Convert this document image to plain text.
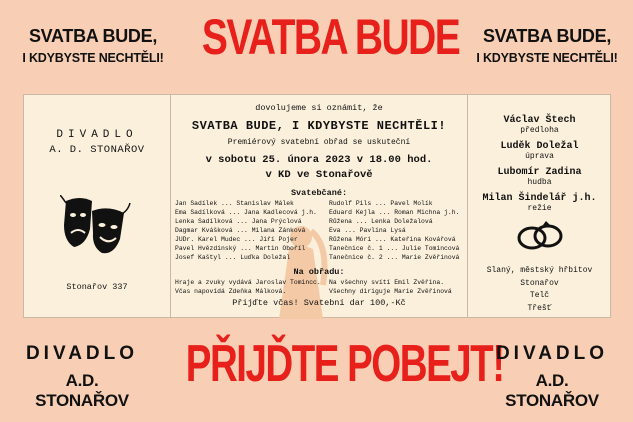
SVATBA BUDE,
I KDYBYSTE NECHTĚLI! SVATBA BUDE	SVATBA BUDE,
I KDYBYSTE NECHTĚLI!
DIVADLO
A. D. STONAŘOV
Stonařov 337
dovolujeme si oznámit, že
SVATBA BUDE, I KDYBYSTE NECHTĚLI!
Premiérový svatební obřad se uskuteční
v sobotu 25. února 2023 v 18.00 hod.
v KD ve Stonařově
Svatebčané:
Jan Sadílek ... Stanislav Málek
Ema Sadílková ... Jana Kadlecová j.h.
Lenka Sadílková ... Jana Prýclová
Dagmar Kvášková ... Milana Zánková
JUDr. Karel Mudec ... Jiří Pojer
Pavel Hvězdínský ... Martin Oboříl
Josef Kaštyl ... Luďka Doležal
Rudolf Pils ... Pavel Molík
Eduard Kejla ... Roman Michna j.h.
Růžena ... Lenka Doležalová
Eva ... Pavlína Lysá
Růžena Móri ... Kateřina Kovářová
Tanečnice č. 1 ... Julie Tomincová
Tanečnice č. 2 ... Marie Zvěřinová
Na obřadu:
Hraje a zvuky vydává Jaroslav Tomincc.
Včas napovídá Zdeňka Málková.
Na všechny svítí Emil Zvěřina.
Všechny diriguje Marie Zvěřinová
Přijďte včas! Svatební dar 100,-Kč
Václav Štech
předloha
Luděk Doležal
úprava
Lubomír Zadina
hudba
Milan Šindelář j.h.
režie
Slaný, městský hřbitov
Stonařov
Telč
Třešť
DIVADLO
A.D. STONAŘOV
PŘIJĎTE POBEJT!
DIVADLO
A.D. STONAŘOV
